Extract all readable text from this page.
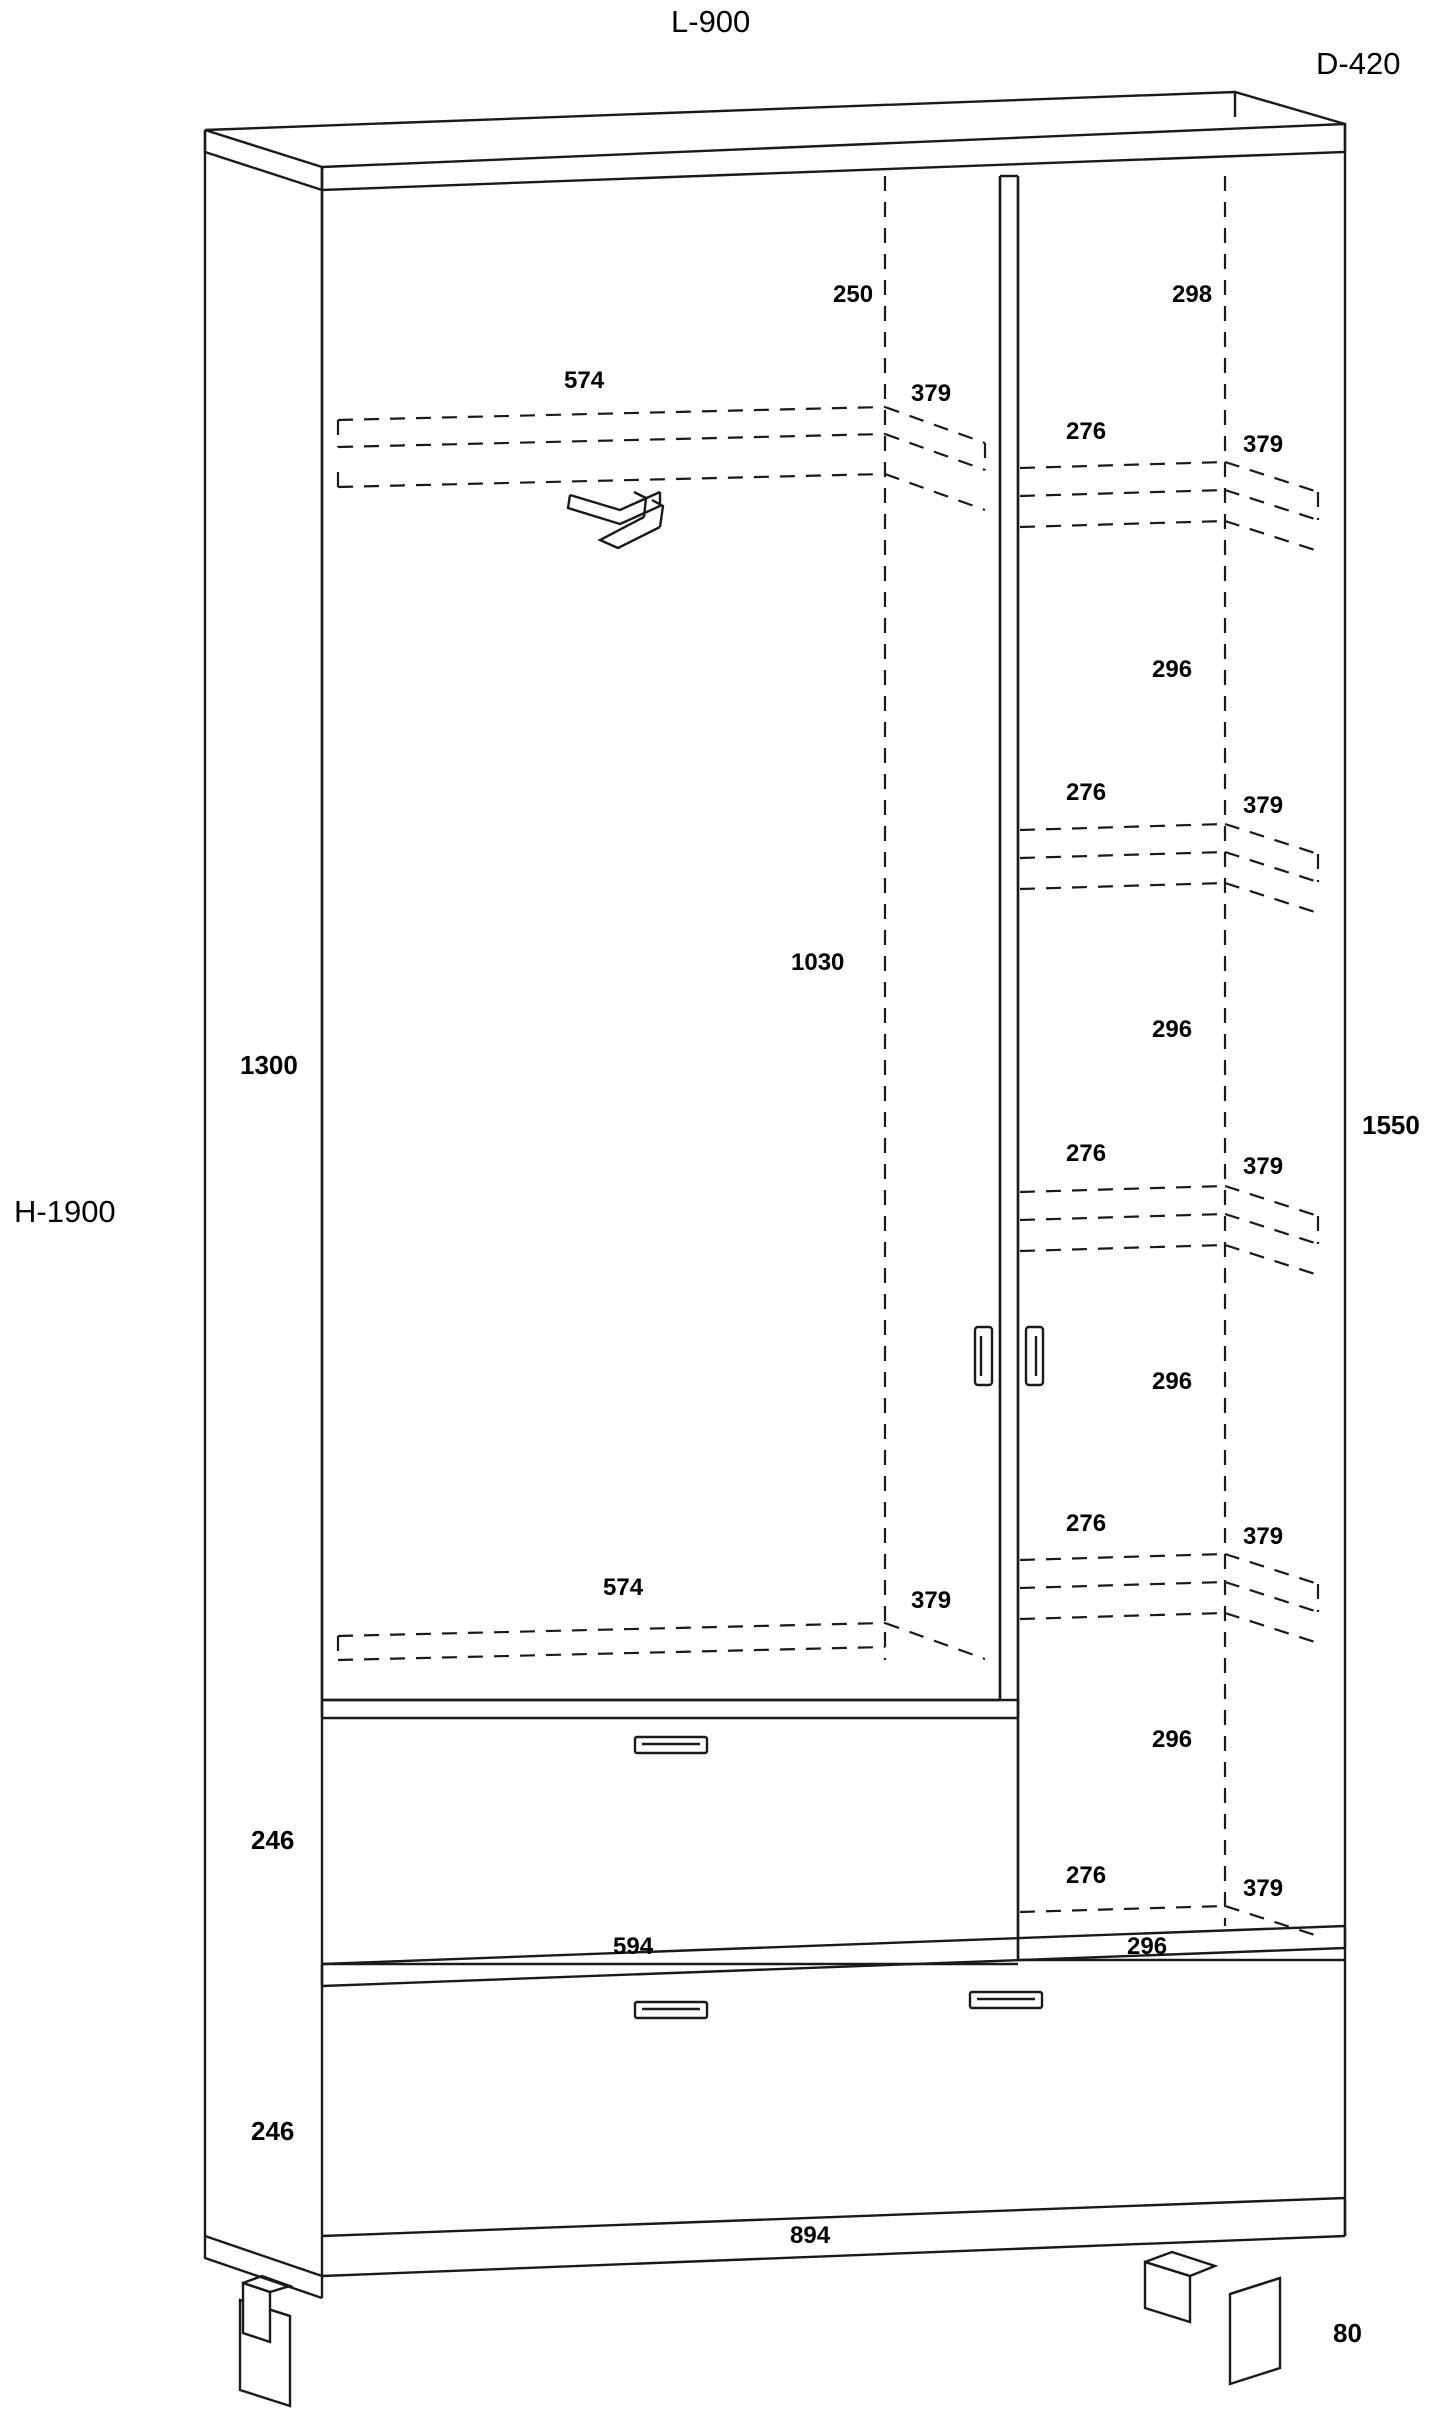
L-900
D-420
H-1900
1300
1550
246
246
80
250	298
1030
594
894
574	379
574	379
276	379
296
276	379
296
276	379
296
276	379
296
276	379
296
